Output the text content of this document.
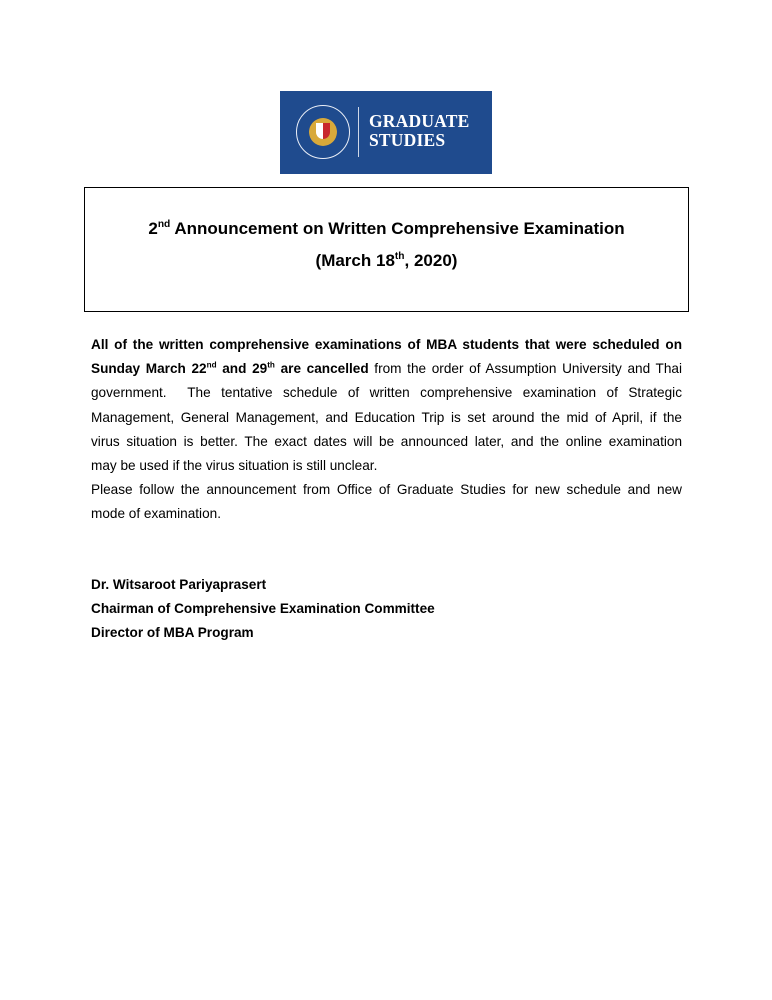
GRADUATE
STUDIES
2nd Announcement on Written Comprehensive Examination
(March 18th, 2020)
All of the written comprehensive examinations of MBA students that were scheduled on
Sunday March 22nd and 29th are cancelled from the order of Assumption University and Thai
government.  The tentative schedule of written comprehensive examination of Strategic
Management, General Management, and Education Trip is set around the mid of April, if the
virus situation is better. The exact dates will be announced later, and the online examination
may be used if the virus situation is still unclear.
Please follow the announcement from Office of Graduate Studies for new schedule and new
mode of examination.
Dr. Witsaroot Pariyaprasert
Chairman of Comprehensive Examination Committee
Director of MBA Program
